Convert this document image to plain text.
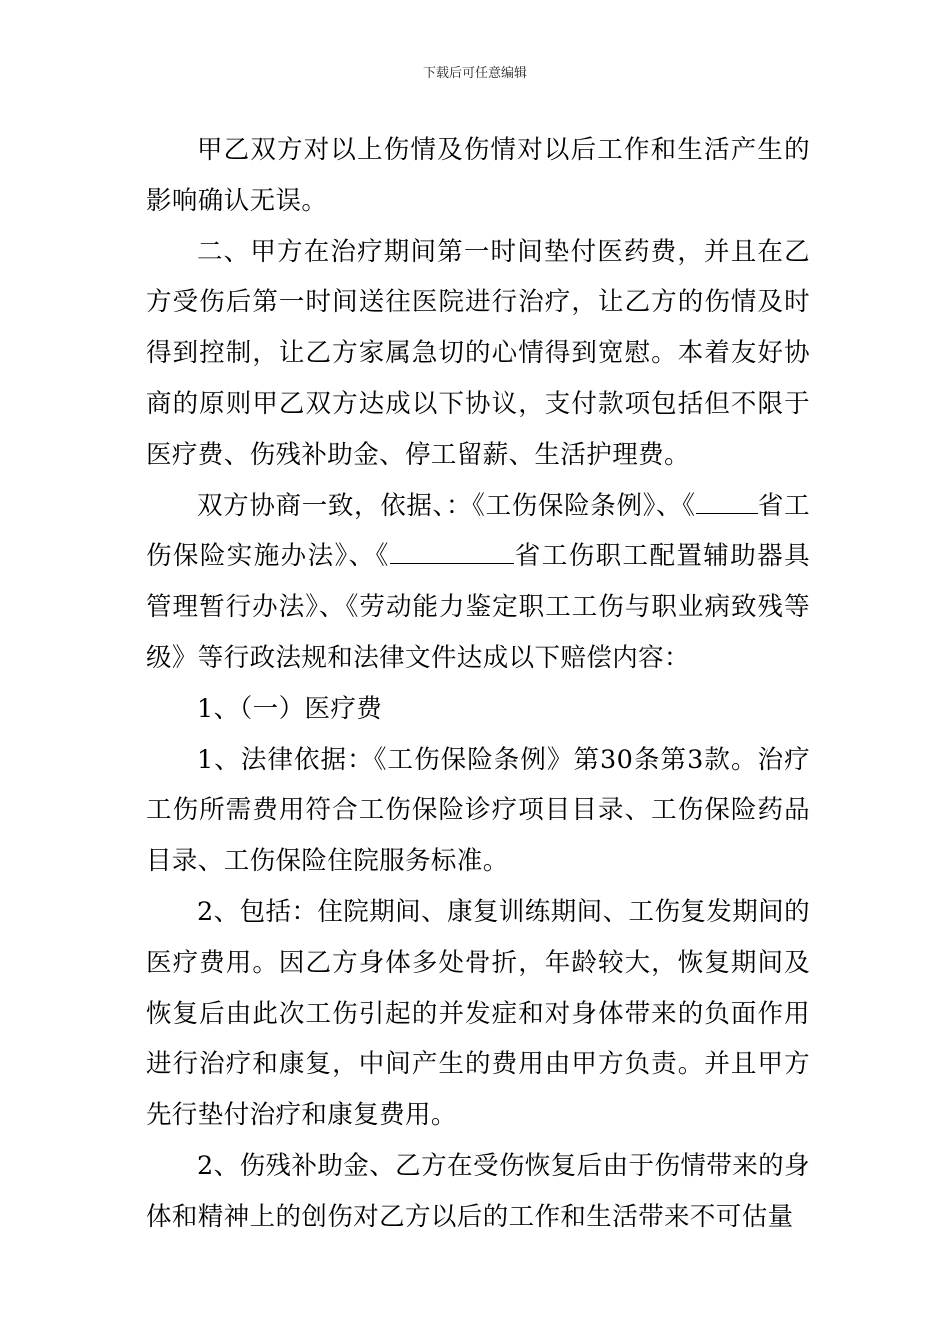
下载后可任意编辑

甲乙双方对以上伤情及伤情对以后工作和生活产生的影响确认无误。

二、甲方在治疗期间第一时间垫付医药费，并且在乙方受伤后第一时间送往医院进行治疗，让乙方的伤情及时得到控制，让乙方家属急切的心情得到宽慰。本着友好协商的原则甲乙双方达成以下协议，支付款项包括但不限于医疗费、伤残补助金、停工留薪、生活护理费。

双方协商一致，依据、：《工伤保险条例》、《 省工伤保险实施办法》、《	省工伤职工配置辅助器具管理暂行办法》、《劳动能力鉴定职工工伤与职业病致残等级》等行政法规和法律文件达成以下赔偿内容：

1、（一）医疗费

1、法律依据：《工伤保险条例》第30条第3款。治疗工伤所需费用符合工伤保险诊疗项目目录、工伤保险药品目录、工伤保险住院服务标准。

2、包括：住院期间、康复训练期间、工伤复发期间的医疗费用。因乙方身体多处骨折，年龄较大，恢复期间及恢复后由此次工伤引起的并发症和对身体带来的负面作用进行治疗和康复，中间产生的费用由甲方负责。并且甲方先行垫付治疗和康复费用。

2、伤残补助金、乙方在受伤恢复后由于伤情带来的身体和精神上的创伤对乙方以后的工作和生活带来不可估量
